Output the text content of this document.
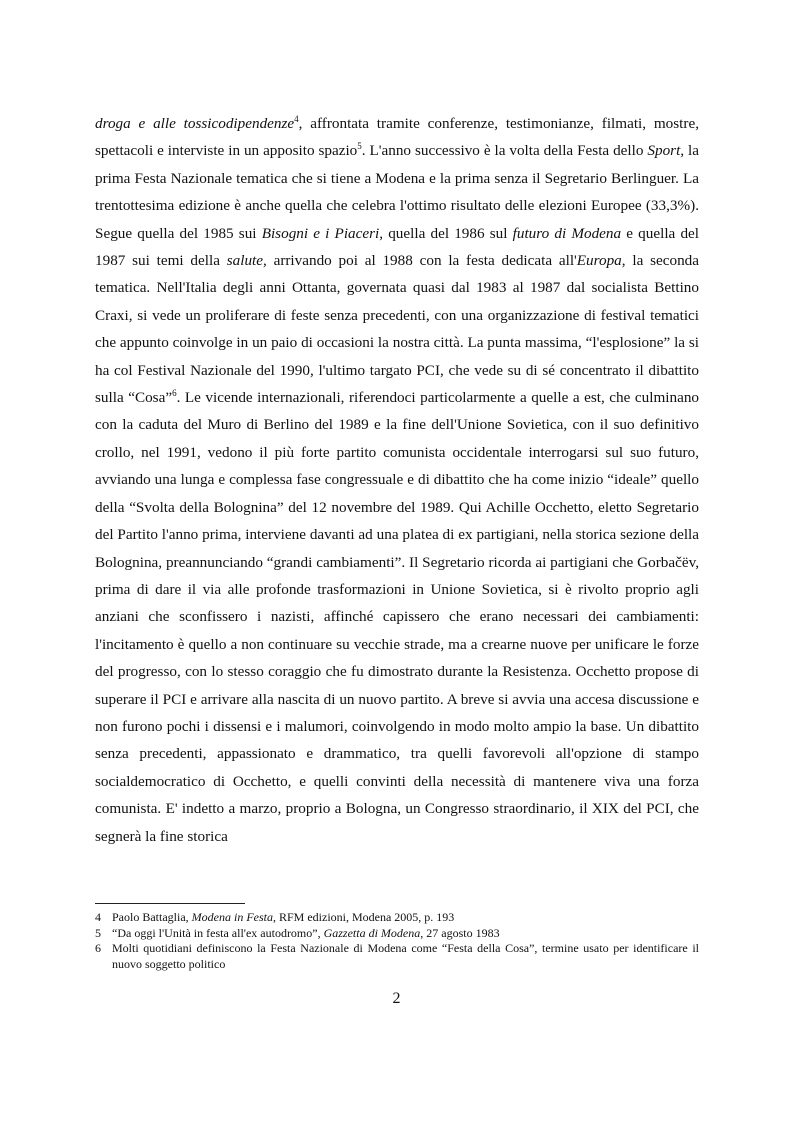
droga e alle tossicodipendenze$^4$, affrontata tramite conferenze, testimonianze, filmati, mostre, spettacoli e interviste in un apposito spazio$^5$. L'anno successivo è la volta della Festa dello Sport, la prima Festa Nazionale tematica che si tiene a Modena e la prima senza il Segretario Berlinguer. La trentottesima edizione è anche quella che celebra l'ottimo risultato delle elezioni Europee (33,3%). Segue quella del 1985 sui Bisogni e i Piaceri, quella del 1986 sul futuro di Modena e quella del 1987 sui temi della salute, arrivando poi al 1988 con la festa dedicata all'Europa, la seconda tematica. Nell'Italia degli anni Ottanta, governata quasi dal 1983 al 1987 dal socialista Bettino Craxi, si vede un proliferare di feste senza precedenti, con una organizzazione di festival tematici che appunto coinvolge in un paio di occasioni la nostra città. La punta massima, “l'esplosione” la si ha col Festival Nazionale del 1990, l'ultimo targato PCI, che vede su di sé concentrato il dibattito sulla “Cosa”$^6$. Le vicende internazionali, riferendoci particolarmente a quelle a est, che culminano con la caduta del Muro di Berlino del 1989 e la fine dell'Unione Sovietica, con il suo definitivo crollo, nel 1991, vedono il più forte partito comunista occidentale interrogarsi sul suo futuro, avviando una lunga e complessa fase congressuale e di dibattito che ha come inizio “ideale” quello della “Svolta della Bolognina” del 12 novembre del 1989. Qui Achille Occhetto, eletto Segretario del Partito l'anno prima, interviene davanti ad una platea di ex partigiani, nella storica sezione della Bolognina, preannunciando “grandi cambiamenti”. Il Segretario ricorda ai partigiani che Gorbačëv, prima di dare il via alle profonde trasformazioni in Unione Sovietica, si è rivolto proprio agli anziani che sconfissero i nazisti, affinché capissero che erano necessari dei cambiamenti: l'incitamento è quello a non continuare su vecchie strade, ma a crearne nuove per unificare le forze del progresso, con lo stesso coraggio che fu dimostrato durante la Resistenza. Occhetto propose di superare il PCI e arrivare alla nascita di un nuovo partito. A breve si avvia una accesa discussione e non furono pochi i dissensi e i malumori, coinvolgendo in modo molto ampio la base. Un dibattito senza precedenti, appassionato e drammatico, tra quelli favorevoli all'opzione di stampo socialdemocratico di Occhetto, e quelli convinti della necessità di mantenere viva una forza comunista. E' indetto a marzo, proprio a Bologna, un Congresso straordinario, il XIX del PCI, che segnerà la fine storica

4 Paolo Battaglia, Modena in Festa, RFM edizioni, Modena 2005, p. 193
5 “Da oggi l'Unità in festa all'ex autodromo”, Gazzetta di Modena, 27 agosto 1983
6 Molti quotidiani definiscono la Festa Nazionale di Modena come “Festa della Cosa”, termine usato per identificare il nuovo soggetto politico
2
